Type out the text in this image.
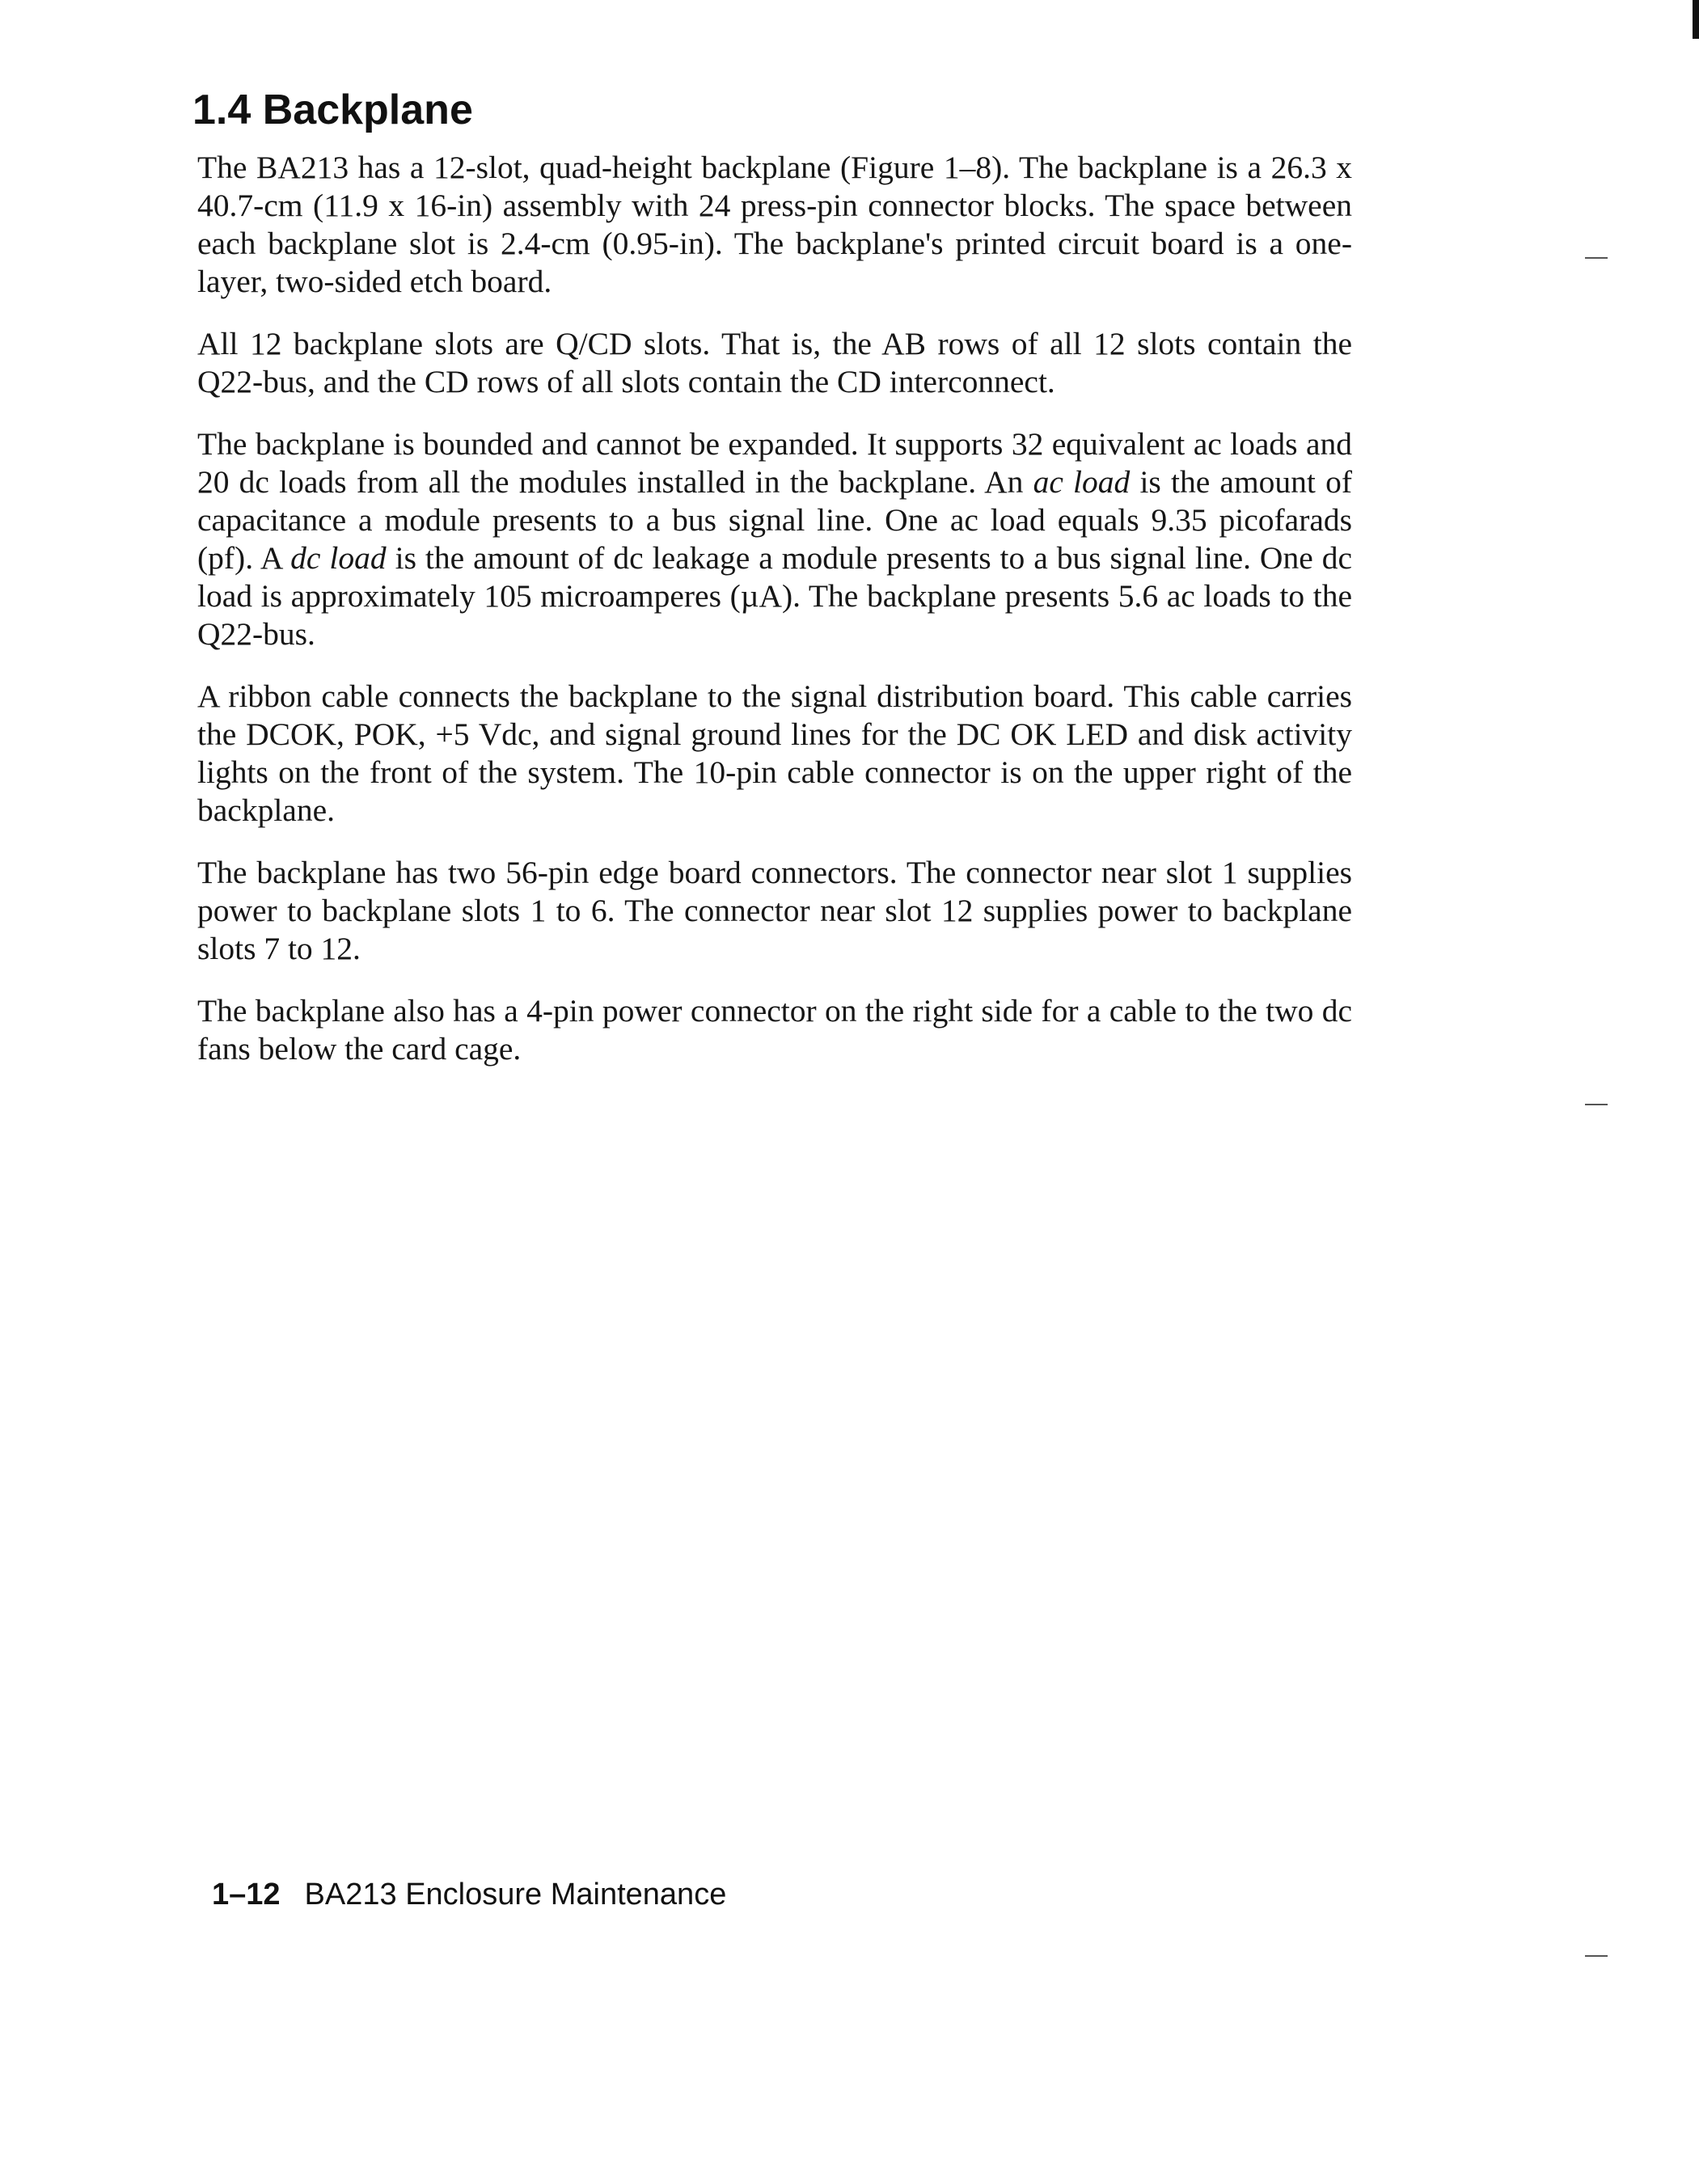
1.4 Backplane

The BA213 has a 12-slot, quad-height backplane (Figure 1–8). The backplane is a 26.3 x 40.7-cm (11.9 x 16-in) assembly with 24 press-pin connector blocks. The space between each backplane slot is 2.4-cm (0.95-in). The backplane's printed circuit board is a one-layer, two-sided etch board.

All 12 backplane slots are Q/CD slots. That is, the AB rows of all 12 slots contain the Q22-bus, and the CD rows of all slots contain the CD interconnect.

The backplane is bounded and cannot be expanded. It supports 32 equivalent ac loads and 20 dc loads from all the modules installed in the backplane. An ac load is the amount of capacitance a module presents to a bus signal line. One ac load equals 9.35 picofarads (pf). A dc load is the amount of dc leakage a module presents to a bus signal line. One dc load is approximately 105 microamperes (µA). The backplane presents 5.6 ac loads to the Q22-bus.

A ribbon cable connects the backplane to the signal distribution board. This cable carries the DCOK, POK, +5 Vdc, and signal ground lines for the DC OK LED and disk activity lights on the front of the system. The 10-pin cable connector is on the upper right of the backplane.

The backplane has two 56-pin edge board connectors. The connector near slot 1 supplies power to backplane slots 1 to 6. The connector near slot 12 supplies power to backplane slots 7 to 12.

The backplane also has a 4-pin power connector on the right side for a cable to the two dc fans below the card cage.

1–12 BA213 Enclosure Maintenance
